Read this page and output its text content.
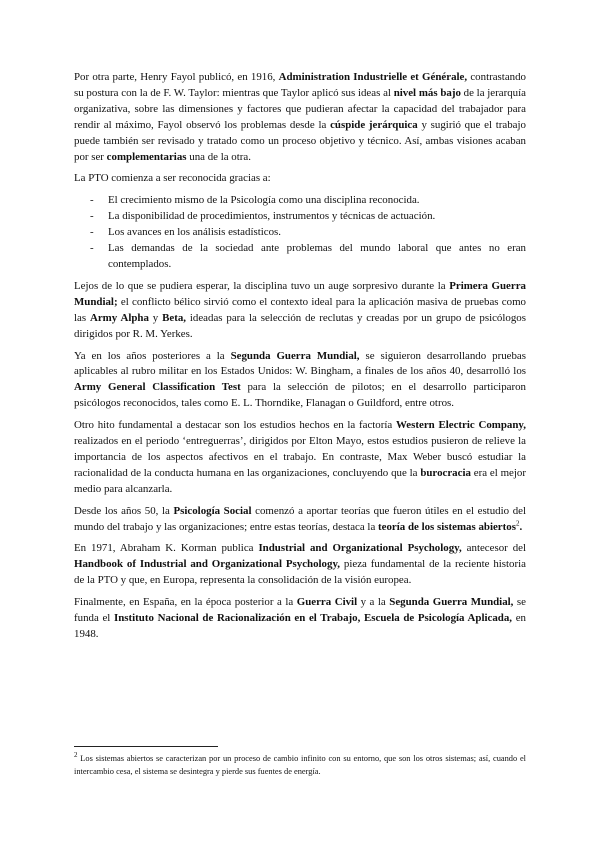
Por otra parte, Henry Fayol publicó, en 1916, Administration Industrielle et Générale, contrastando su postura con la de F. W. Taylor: mientras que Taylor aplicó sus ideas al nivel más bajo de la jerarquía organizativa, sobre las dimensiones y factores que pudieran afectar la capacidad del trabajador para rendir al máximo, Fayol observó los problemas desde la cúspide jerárquica y sugirió que el trabajo puede también ser revisado y tratado como un proceso objetivo y técnico. Así, ambas visiones acaban por ser complementarias una de la otra.

La PTO comienza a ser reconocida gracias a:

- El crecimiento mismo de la Psicología como una disciplina reconocida.
- La disponibilidad de procedimientos, instrumentos y técnicas de actuación.
- Los avances en los análisis estadísticos.
- Las demandas de la sociedad ante problemas del mundo laboral que antes no eran contemplados.

Lejos de lo que se pudiera esperar, la disciplina tuvo un auge sorpresivo durante la Primera Guerra Mundial; el conflicto bélico sirvió como el contexto ideal para la aplicación masiva de pruebas como las Army Alpha y Beta, ideadas para la selección de reclutas y creadas por un grupo de psicólogos dirigidos por R. M. Yerkes.

Ya en los años posteriores a la Segunda Guerra Mundial, se siguieron desarrollando pruebas aplicables al rubro militar en los Estados Unidos: W. Bingham, a finales de los años 40, desarrolló los Army General Classification Test para la selección de pilotos; en el desarrollo participaron psicólogos reconocidos, tales como E. L. Thorndike, Flanagan o Guildford, entre otros.

Otro hito fundamental a destacar son los estudios hechos en la factoría Western Electric Company, realizados en el periodo ‘entreguerras’, dirigidos por Elton Mayo, estos estudios pusieron de relieve la importancia de los aspectos afectivos en el trabajo. En contraste, Max Weber buscó estudiar la racionalidad de la conducta humana en las organizaciones, concluyendo que la burocracia era el mejor medio para alcanzarla.

Desde los años 50, la Psicología Social comenzó a aportar teorías que fueron útiles en el estudio del mundo del trabajo y las organizaciones; entre estas teorías, destaca la teoría de los sistemas abiertos$^2$.

En 1971, Abraham K. Korman publica Industrial and Organizational Psychology, antecesor del Handbook of Industrial and Organizational Psychology, pieza fundamental de la reciente historia de la PTO y que, en Europa, representa la consolidación de la visión europea.

Finalmente, en España, en la época posterior a la Guerra Civil y a la Segunda Guerra Mundial, se funda el Instituto Nacional de Racionalización en el Trabajo, Escuela de Psicología Aplicada, en 1948.

$^2$ Los sistemas abiertos se caracterizan por un proceso de cambio infinito con su entorno, que son los otros sistemas; así, cuando el intercambio cesa, el sistema se desintegra y pierde sus fuentes de energía.
